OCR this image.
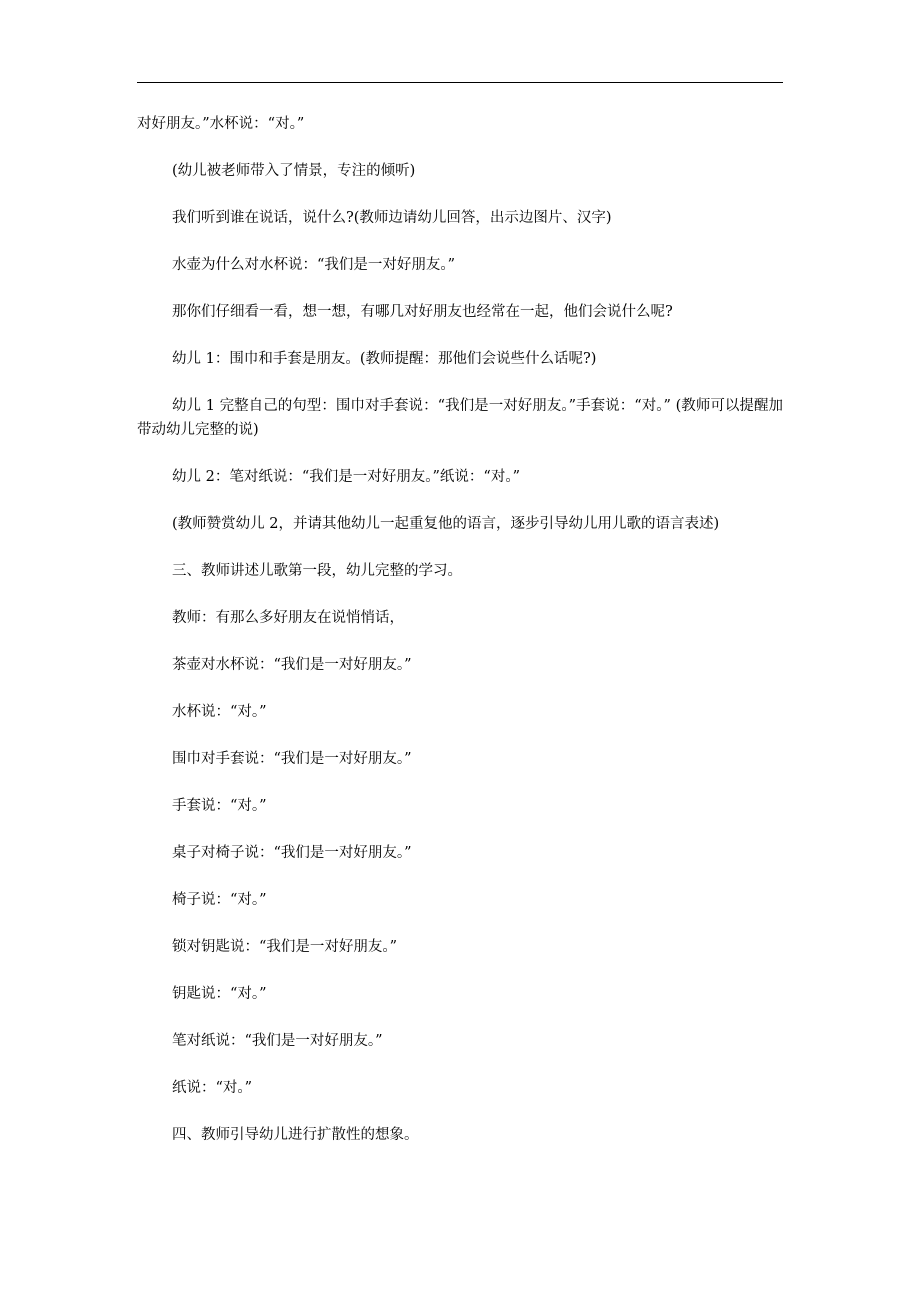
对好朋友。”水杯说：“对。”

(幼儿被老师带入了情景，专注的倾听)

我们听到谁在说话，说什么?(教师边请幼儿回答，出示边图片、汉字)

水壶为什么对水杯说：“我们是一对好朋友。”

那你们仔细看一看，想一想，有哪几对好朋友也经常在一起，他们会说什么呢?

幼儿 1：围巾和手套是朋友。(教师提醒：那他们会说些什么话呢?)

幼儿 1 完整自己的句型：围巾对手套说：“我们是一对好朋友。”手套说：“对。” (教师可以提醒加带动幼儿完整的说)

幼儿 2：笔对纸说：“我们是一对好朋友。”纸说：“对。”

(教师赞赏幼儿 2，并请其他幼儿一起重复他的语言，逐步引导幼儿用儿歌的语言表述)

三、教师讲述儿歌第一段，幼儿完整的学习。

教师：有那么多好朋友在说悄悄话，

茶壶对水杯说：“我们是一对好朋友。”

水杯说：“对。”

围巾对手套说：“我们是一对好朋友。”

手套说：“对。”

桌子对椅子说：“我们是一对好朋友。”

椅子说：“对。”

锁对钥匙说：“我们是一对好朋友。”

钥匙说：“对。”

笔对纸说：“我们是一对好朋友。”

纸说：“对。”

四、教师引导幼儿进行扩散性的想象。
